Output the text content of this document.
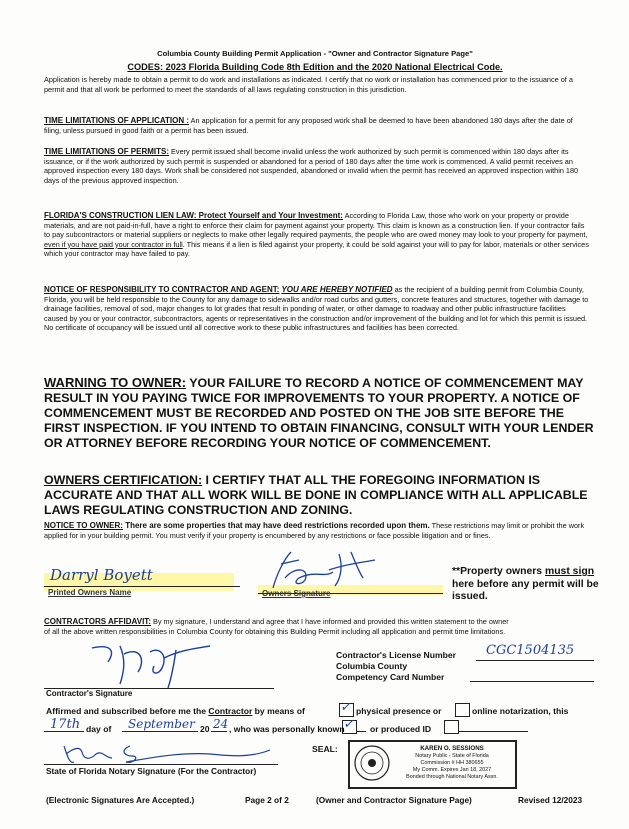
Columbia County Building Permit Application - "Owner and Contractor Signature Page"
CODES: 2023 Florida Building Code 8th Edition and the 2020 National Electrical Code.
Application is hereby made to obtain a permit to do work and installations as indicated. I certify that no work or installation has commenced prior to the issuance of a permit and that all work be performed to meet the standards of all laws regulating construction in this jurisdiction.
TIME LIMITATIONS OF APPLICATION : An application for a permit for any proposed work shall be deemed to have been abandoned 180 days after the date of filing, unless pursued in good faith or a permit has been issued.
TIME LIMITATIONS OF PERMITS: Every permit issued shall become invalid unless the work authorized by such permit is commenced within 180 days after its issuance, or if the work authorized by such permit is suspended or abandoned for a period of 180 days after the time work is commenced. A valid permit receives an approved inspection every 180 days. Work shall be considered not suspended, abandoned or invalid when the permit has received an approved inspection within 180 days of the previous approved inspection.
FLORIDA'S CONSTRUCTION LIEN LAW: Protect Yourself and Your Investment: According to Florida Law, those who work on your property or provide materials, and are not paid-in-full, have a right to enforce their claim for payment against your property. This claim is known as a construction lien. If your contractor fails to pay subcontractors or material suppliers or neglects to make other legally required payments, the people who are owed money may look to your property for payment, even if you have paid your contractor in full. This means if a lien is filed against your property, it could be sold against your will to pay for labor, materials or other services which your contractor may have failed to pay.
NOTICE OF RESPONSIBILITY TO CONTRACTOR AND AGENT: YOU ARE HEREBY NOTIFIED as the recipient of a building permit from Columbia County, Florida, you will be held responsible to the County for any damage to sidewalks and/or road curbs and gutters, concrete features and structures, together with damage to drainage facilities, removal of sod, major changes to lot grades that result in ponding of water, or other damage to roadway and other public infrastructure facilities caused by you or your contractor, subcontractors, agents or representatives in the construction and/or improvement of the building and lot for which this permit is issued. No certificate of occupancy will be issued until all corrective work to these public infrastructures and facilities has been corrected.
WARNING TO OWNER: YOUR FAILURE TO RECORD A NOTICE OF COMMENCEMENT MAY RESULT IN YOU PAYING TWICE FOR IMPROVEMENTS TO YOUR PROPERTY. A NOTICE OF COMMENCEMENT MUST BE RECORDED AND POSTED ON THE JOB SITE BEFORE THE FIRST INSPECTION. IF YOU INTEND TO OBTAIN FINANCING, CONSULT WITH YOUR LENDER OR ATTORNEY BEFORE RECORDING YOUR NOTICE OF COMMENCEMENT.
OWNERS CERTIFICATION: I CERTIFY THAT ALL THE FOREGOING INFORMATION IS ACCURATE AND THAT ALL WORK WILL BE DONE IN COMPLIANCE WITH ALL APPLICABLE LAWS REGULATING CONSTRUCTION AND ZONING.
NOTICE TO OWNER: There are some properties that may have deed restrictions recorded upon them. These restrictions may limit or prohibit the work applied for in your building permit. You must verify if your property is encumbered by any restrictions or face possible litigation and or fines.
Darryl Boyett
Printed Owners Name	Owners Signature
**Property owners must sign here before any permit will be issued.
CONTRACTORS AFFIDAVIT: By my signature, I understand and agree that I have informed and provided this written statement to the owner of all the above written responsibilities in Columbia County for obtaining this Building Permit including all application and permit time limitations.
Contractor's License Number CGC1504135
Columbia County
Competency Card Number
Contractor's Signature
Affirmed and subscribed before me the Contractor by means of	✓ physical presence or	online notarization, this
17th day of September 20 24 , who was personally known
✓ or produced ID
State of Florida Notary Signature (For the Contractor)
SEAL:	KAREN O. SESSIONS
Notary Public - State of Florida
Commission # HH 380655
My Comm. Expires Jan 18, 2027
Bonded through National Notary Assn.
(Electronic Signatures Are Accepted.)	Page 2 of 2	(Owner and Contractor Signature Page)	Revised 12/2023
